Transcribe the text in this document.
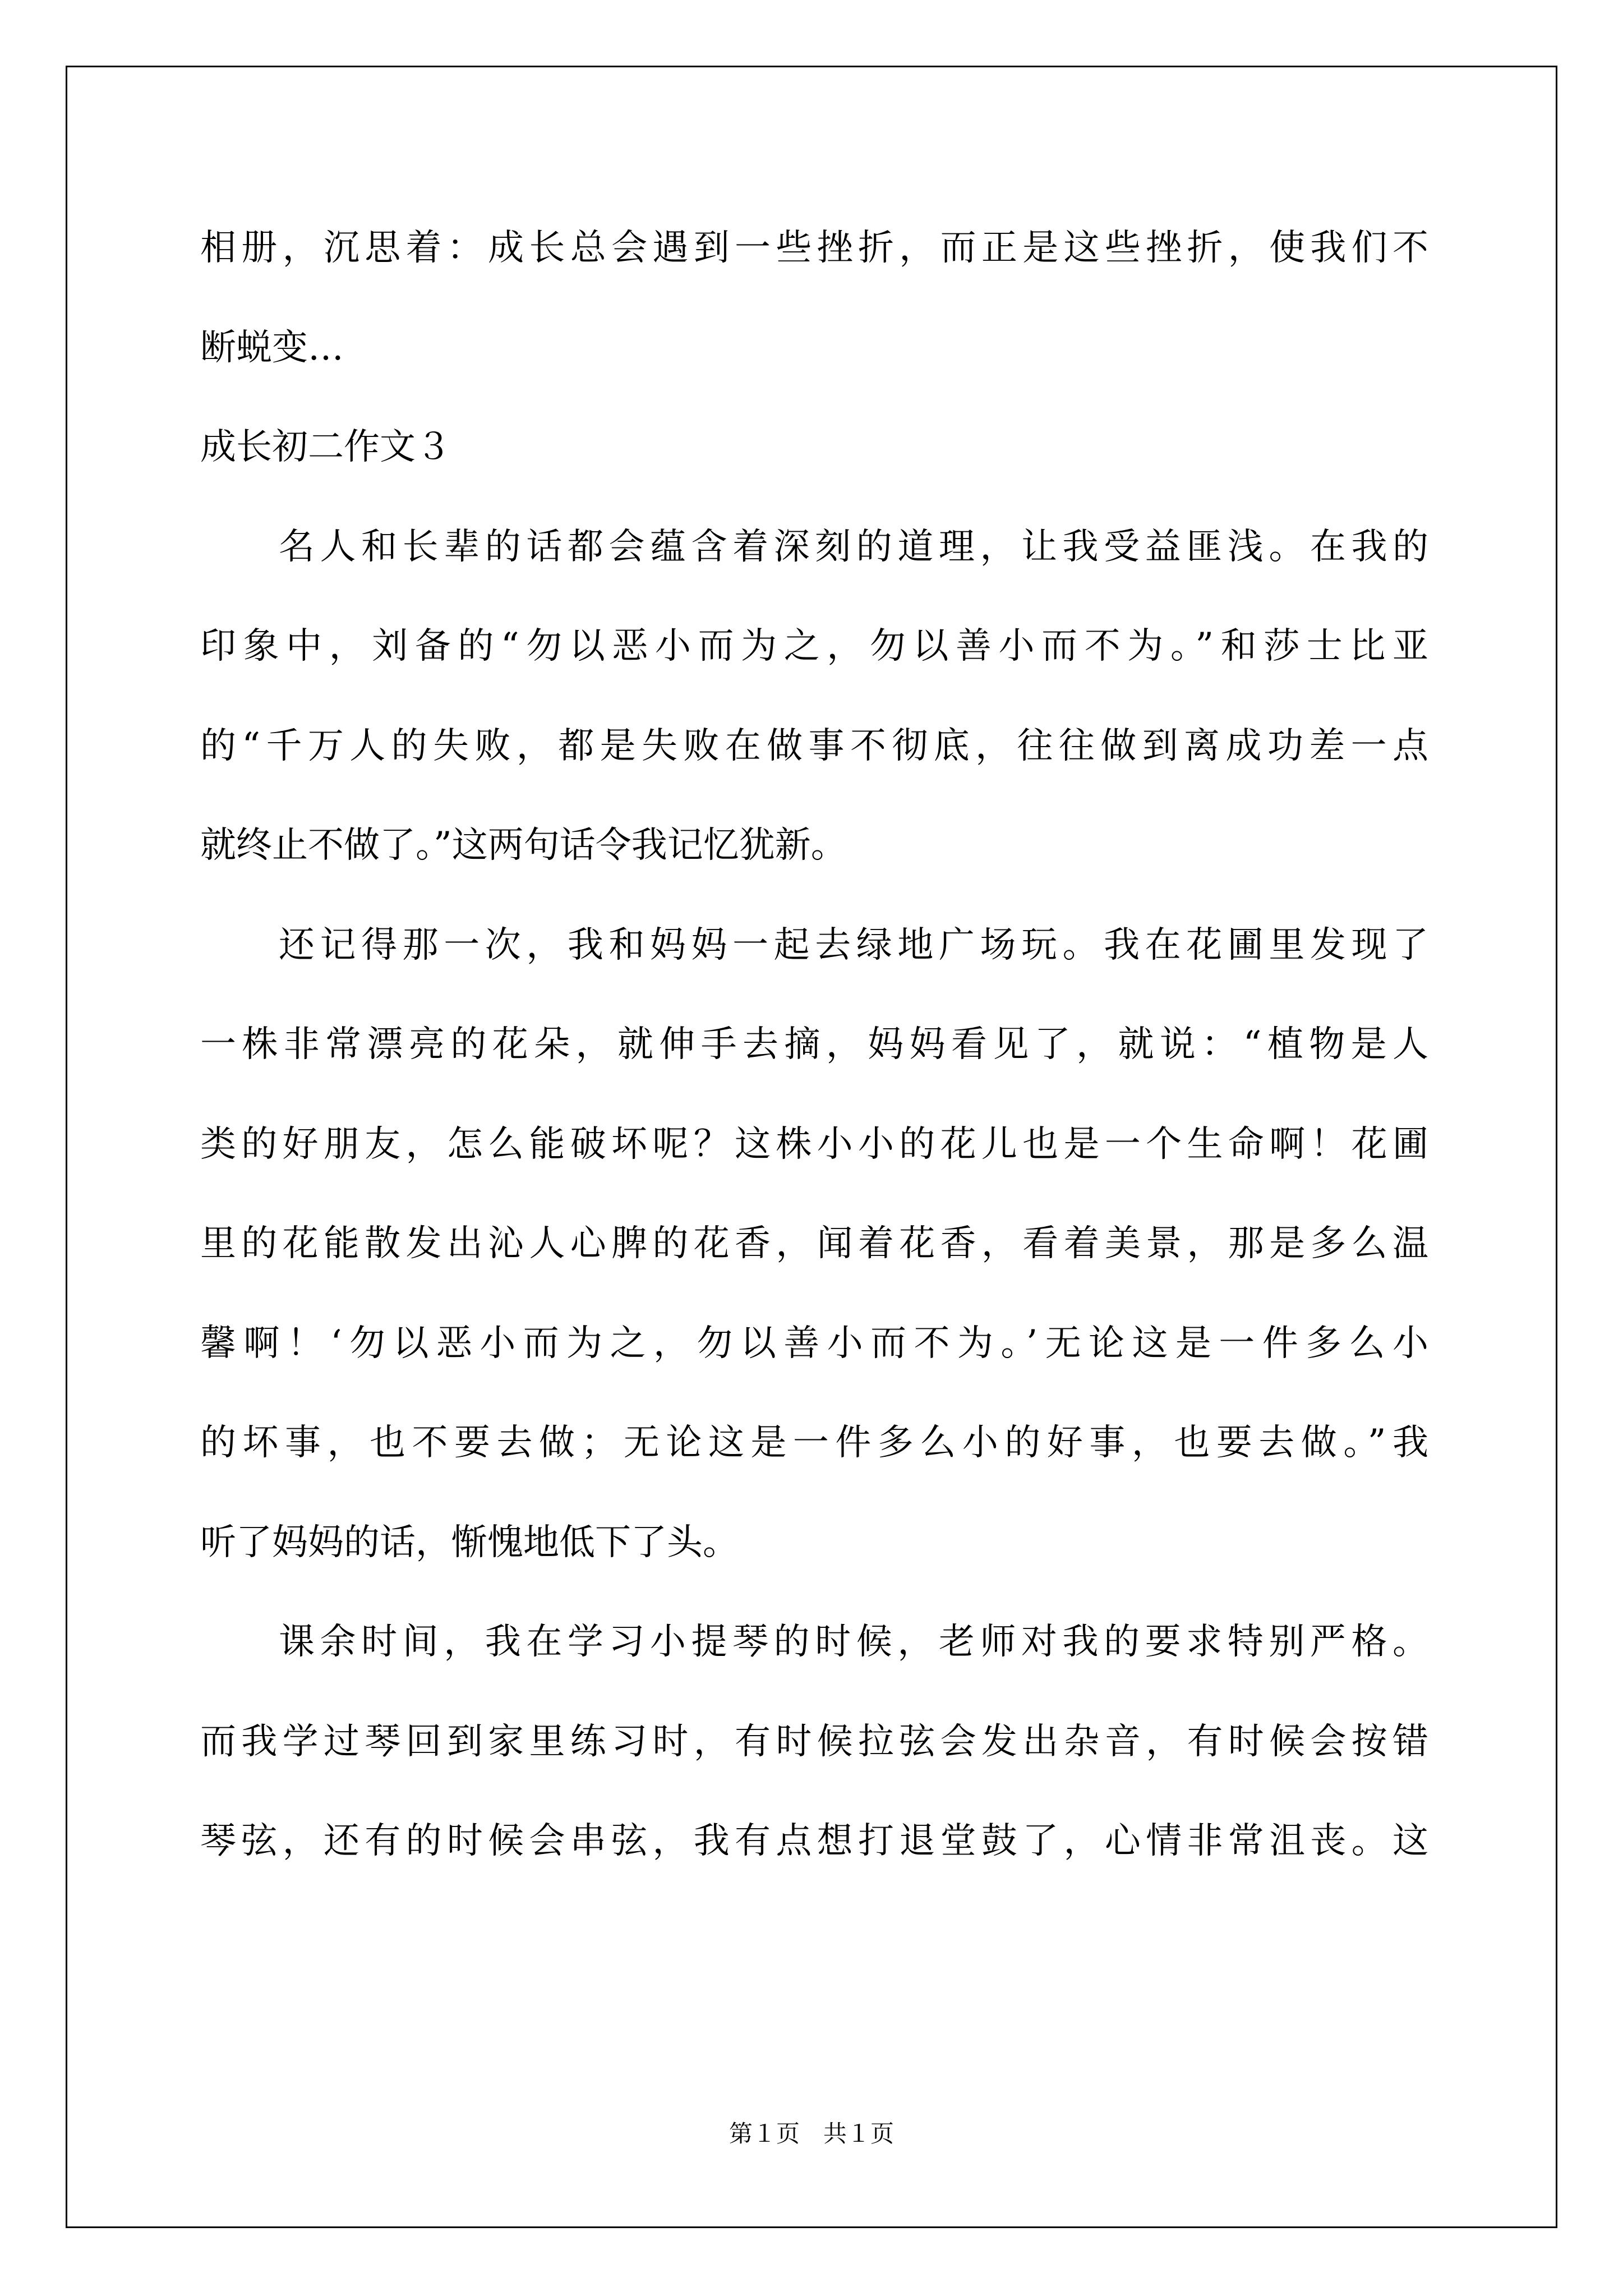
相册，沉思着：成长总会遇到一些挫折，而正是这些挫折，使我们不
断蜕变…
成长初二作文３
名人和长辈的话都会蕴含着深刻的道理，让我受益匪浅。在我的
印象中，刘备的“勿以恶小而为之，勿以善小而不为。”和莎士比亚
的“千万人的失败，都是失败在做事不彻底，往往做到离成功差一点
就终止不做了。”这两句话令我记忆犹新。
还记得那一次，我和妈妈一起去绿地广场玩。我在花圃里发现了
一株非常漂亮的花朵，就伸手去摘，妈妈看见了，就说：“植物是人
类的好朋友，怎么能破坏呢？这株小小的花儿也是一个生命啊！花圃
里的花能散发出沁人心脾的花香，闻着花香，看着美景，那是多么温
馨啊！‘勿以恶小而为之，勿以善小而不为。’无论这是一件多么小
的坏事，也不要去做；无论这是一件多么小的好事，也要去做。”我
听了妈妈的话，惭愧地低下了头。
课余时间，我在学习小提琴的时候，老师对我的要求特别严格。
而我学过琴回到家里练习时，有时候拉弦会发出杂音，有时候会按错
琴弦，还有的时候会串弦，我有点想打退堂鼓了，心情非常沮丧。这
第１页　共１页
